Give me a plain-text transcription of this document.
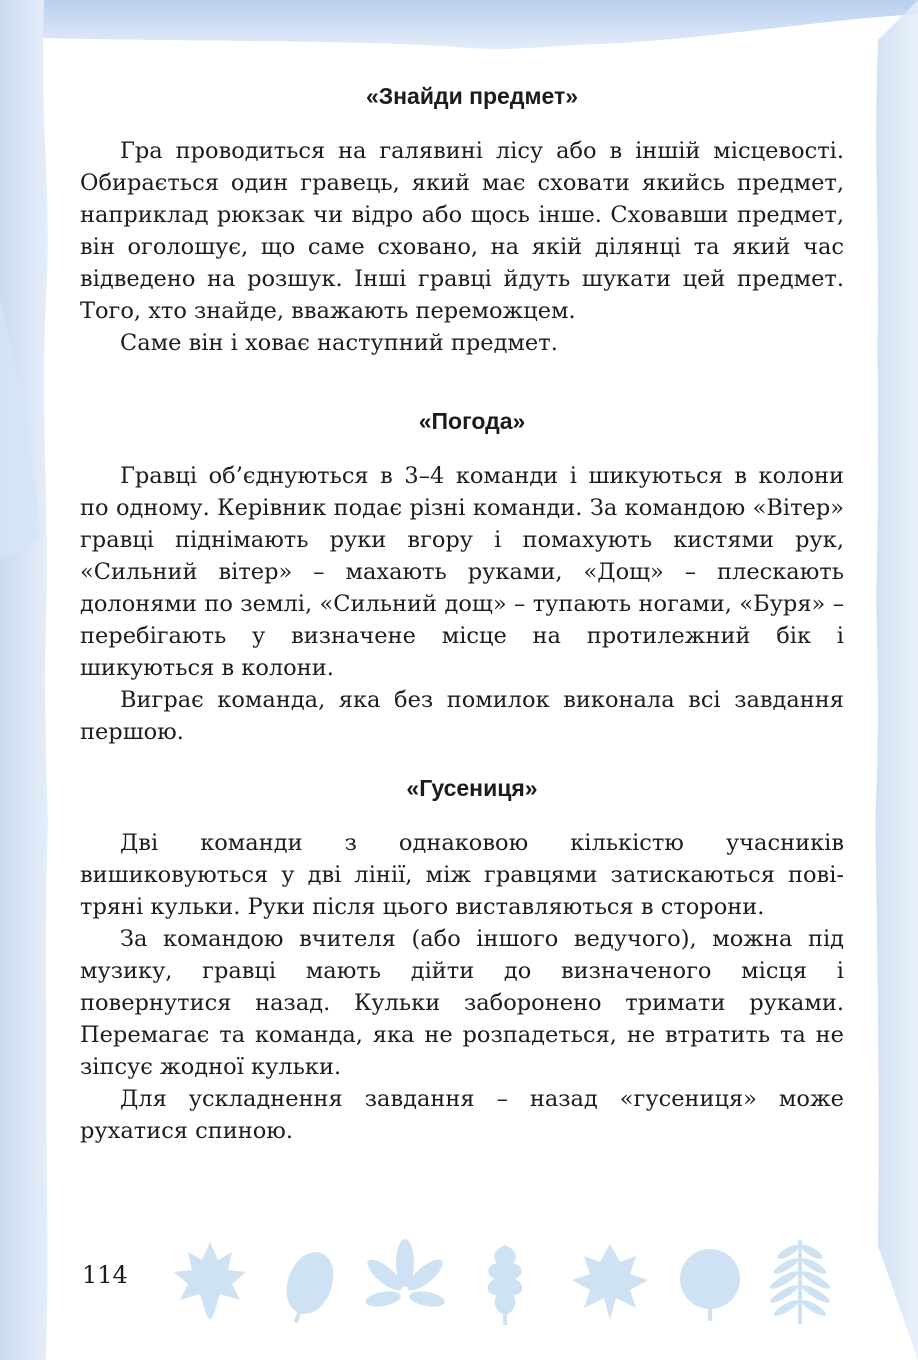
«Знайди предмет»

Гра проводиться на галявині лісу або в іншій місцевості. Обирається один гравець, який має сховати якийсь предмет, наприклад рюкзак чи відро або щось інше. Сховавши предмет, він оголошує, що саме сховано, на якій ділянці та який час відведено на розшук. Інші гравці йдуть шукати цей предмет. Того, хто знайде, вважають переможцем.

Саме він і ховає наступний предмет.

«Погода»

Гравці об’єднуються в 3–4 команди і шикуються в колони по одному. Керівник подає різні команди. За командою «Вітер» гравці піднімають руки вгору і помахують кистями рук, «Сильний вітер» – махають руками, «Дощ» – плескають долонями по землі, «Сильний дощ» – тупають ногами, «Буря» – перебігають у визначене місце на протилежний бік і шикуються в колони.

Виграє команда, яка без помилок виконала всі завдання першою.

«Гусениця»

Дві команди з однаковою кількістю учасників вишиковуються у дві лінії, між гравцями затискаються повітряні кульки. Руки після цього виставляються в сторони.

За командою вчителя (або іншого ведучого), можна під музику, гравці мають дійти до визначеного місця і повернутися назад. Кульки заборонено тримати руками. Перемагає та команда, яка не розпадеться, не втратить та не зіпсує жодної кульки.

Для ускладнення завдання – назад «гусениця» може рухатися спиною.

114
